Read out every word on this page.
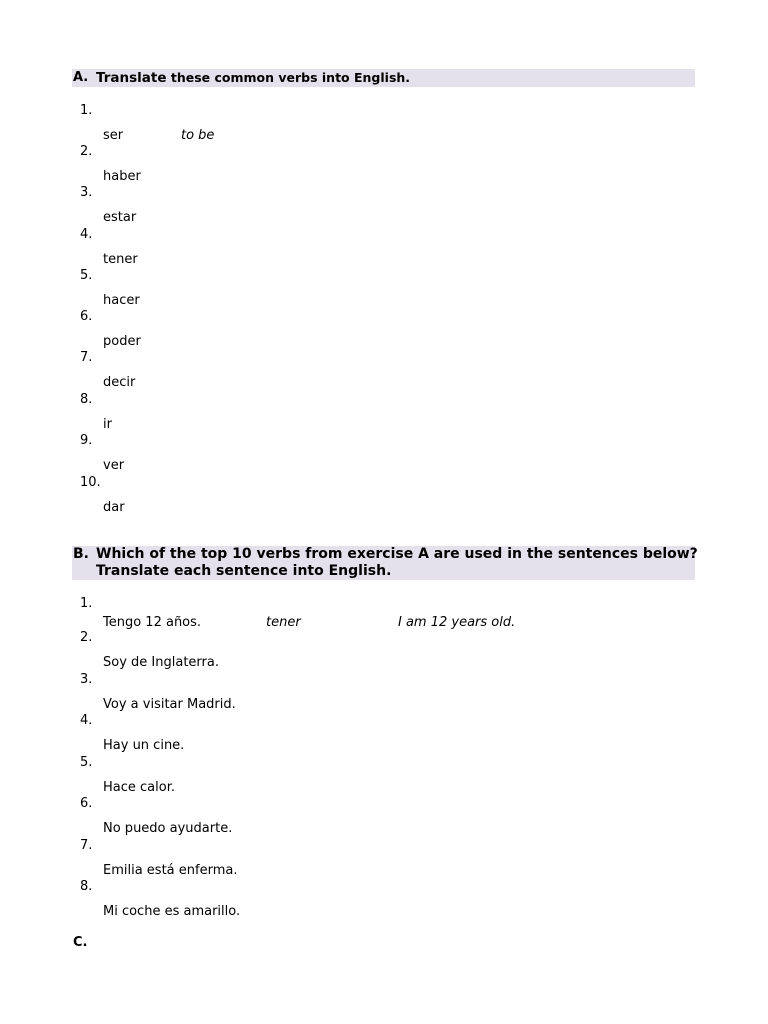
A. Translate these common verbs into English.
1.
ser	to be
2.
haber
3.
estar
4.
tener
5.
hacer
6.
poder
7.
decir
8.
ir
9.
ver
10.
dar
B. Which of the top 10 verbs from exercise A are used in the sentences below?
Translate each sentence into English.
1.
Tengo 12 años.	tener	I am 12 years old.
2.
Soy de Inglaterra.
3.
Voy a visitar Madrid.
4.
Hay un cine.
5.
Hace calor.
6.
No puedo ayudarte.
7.
Emilia está enferma.
8.
Mi coche es amarillo.
C.
